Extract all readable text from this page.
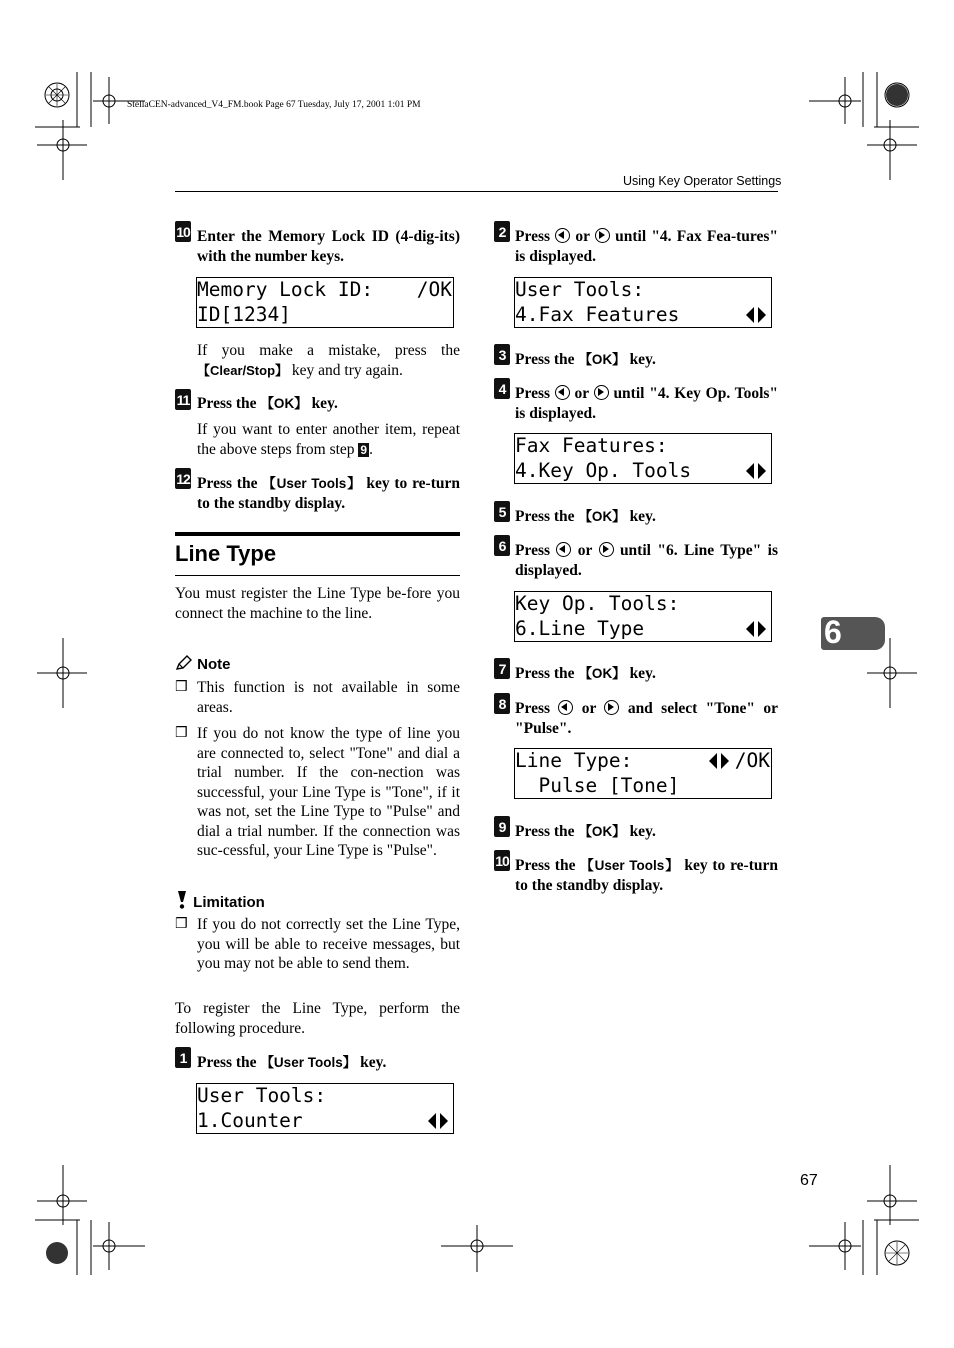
StellaCEN-advanced_V4_FM.book Page 67 Tuesday, July 17, 2001 1:01 PM
Using Key Operator Settings
6
67
10 Enter the Memory Lock ID (4-dig-its) with the number keys.
Memory Lock ID: /OK
ID[1234]
If you make a mistake, press the 【Clear/Stop】 key and try again.
11 Press the 【OK】 key.
If you want to enter another item, repeat the above steps from step 9 .
12 Press the 【User Tools】 key to re-turn to the standby display.
Line Type
You must register the Line Type be-fore you connect the machine to the line.
Note
❒ This function is not available in some areas.
❒ If you do not know the type of line you are connected to, select "Tone" and dial a trial number. If the con-nection was successful, your Line Type is "Tone", if it was not, set the Line Type to "Pulse" and dial a trial number. If the connection was suc-cessful, your Line Type is "Pulse".
Limitation
❒ If you do not correctly set the Line Type, you will be able to receive messages, but you may not be able to send them.
To register the Line Type, perform the following procedure.
1 Press the 【User Tools】 key.
User Tools:
1.Counter
2 Press or until "4. Fax Fea-tures" is displayed.
User Tools:
4.Fax Features
3 Press the 【OK】 key.
4 Press or until "4. Key Op. Tools" is displayed.
Fax Features:
4.Key Op. Tools
5 Press the 【OK】 key.
6 Press or until "6. Line Type" is displayed.
Key Op. Tools:
6.Line Type
7 Press the 【OK】 key.
8 Press or and select "Tone" or "Pulse".
Line Type:	/OK
Pulse [Tone]
9 Press the 【OK】 key.
10 Press the 【User Tools】 key to re-turn to the standby display.
